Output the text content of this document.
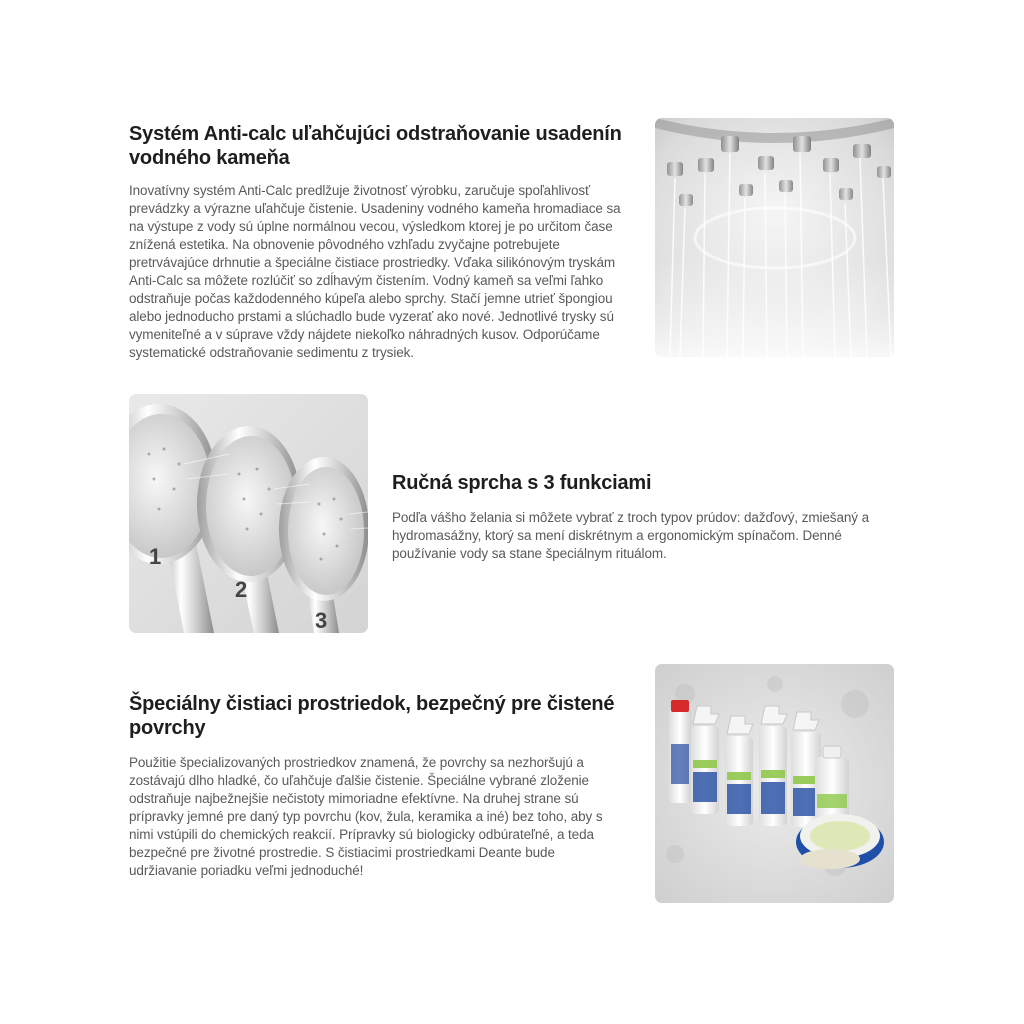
Systém Anti-calc uľahčujúci odstraňovanie usadenín vodného kameňa

Inovatívny systém Anti-Calc predlžuje životnosť výrobku, zaručuje spoľahlivosť prevádzky a výrazne uľahčuje čistenie. Usadeniny vodného kameňa hromadiace sa na výstupe z vody sú úplne normálnou vecou, výsledkom ktorej je po určitom čase znížená estetika. Na obnovenie pôvodného vzhľadu zvyčajne potrebujete pretrvávajúce drhnutie a špeciálne čistiace prostriedky. Vďaka silikónovým tryskám Anti-Calc sa môžete rozlúčiť so zdĺhavým čistením. Vodný kameň sa veľmi ľahko odstraňuje počas každodenného kúpeľa alebo sprchy. Stačí jemne utrieť špongiou alebo jednoducho prstami a slúchadlo bude vyzerať ako nové. Jednotlivé trysky sú vymeniteľné a v súprave vždy nájdete niekoľko náhradných kusov. Odporúčame systematické odstraňovanie sedimentu z trysiek.

1
2
3
Ručná sprcha s 3 funkciami

Podľa vášho želania si môžete vybrať z troch typov prúdov: dažďový, zmiešaný a hydromasážny, ktorý sa mení diskrétnym a ergonomickým spínačom. Denné používanie vody sa stane špeciálnym rituálom.

Špeciálny čistiaci prostriedok, bezpečný pre čistené povrchy

Použitie špecializovaných prostriedkov znamená, že povrchy sa nezhoršujú a zostávajú dlho hladké, čo uľahčuje ďalšie čistenie. Špeciálne vybrané zloženie odstraňuje najbežnejšie nečistoty mimoriadne efektívne. Na druhej strane sú prípravky jemné pre daný typ povrchu (kov, žula, keramika a iné) bez toho, aby s nimi vstúpili do chemických reakcií. Prípravky sú biologicky odbúrateľné, a teda bezpečné pre životné prostredie. S čistiacimi prostriedkami Deante bude udržiavanie poriadku veľmi jednoduché!
